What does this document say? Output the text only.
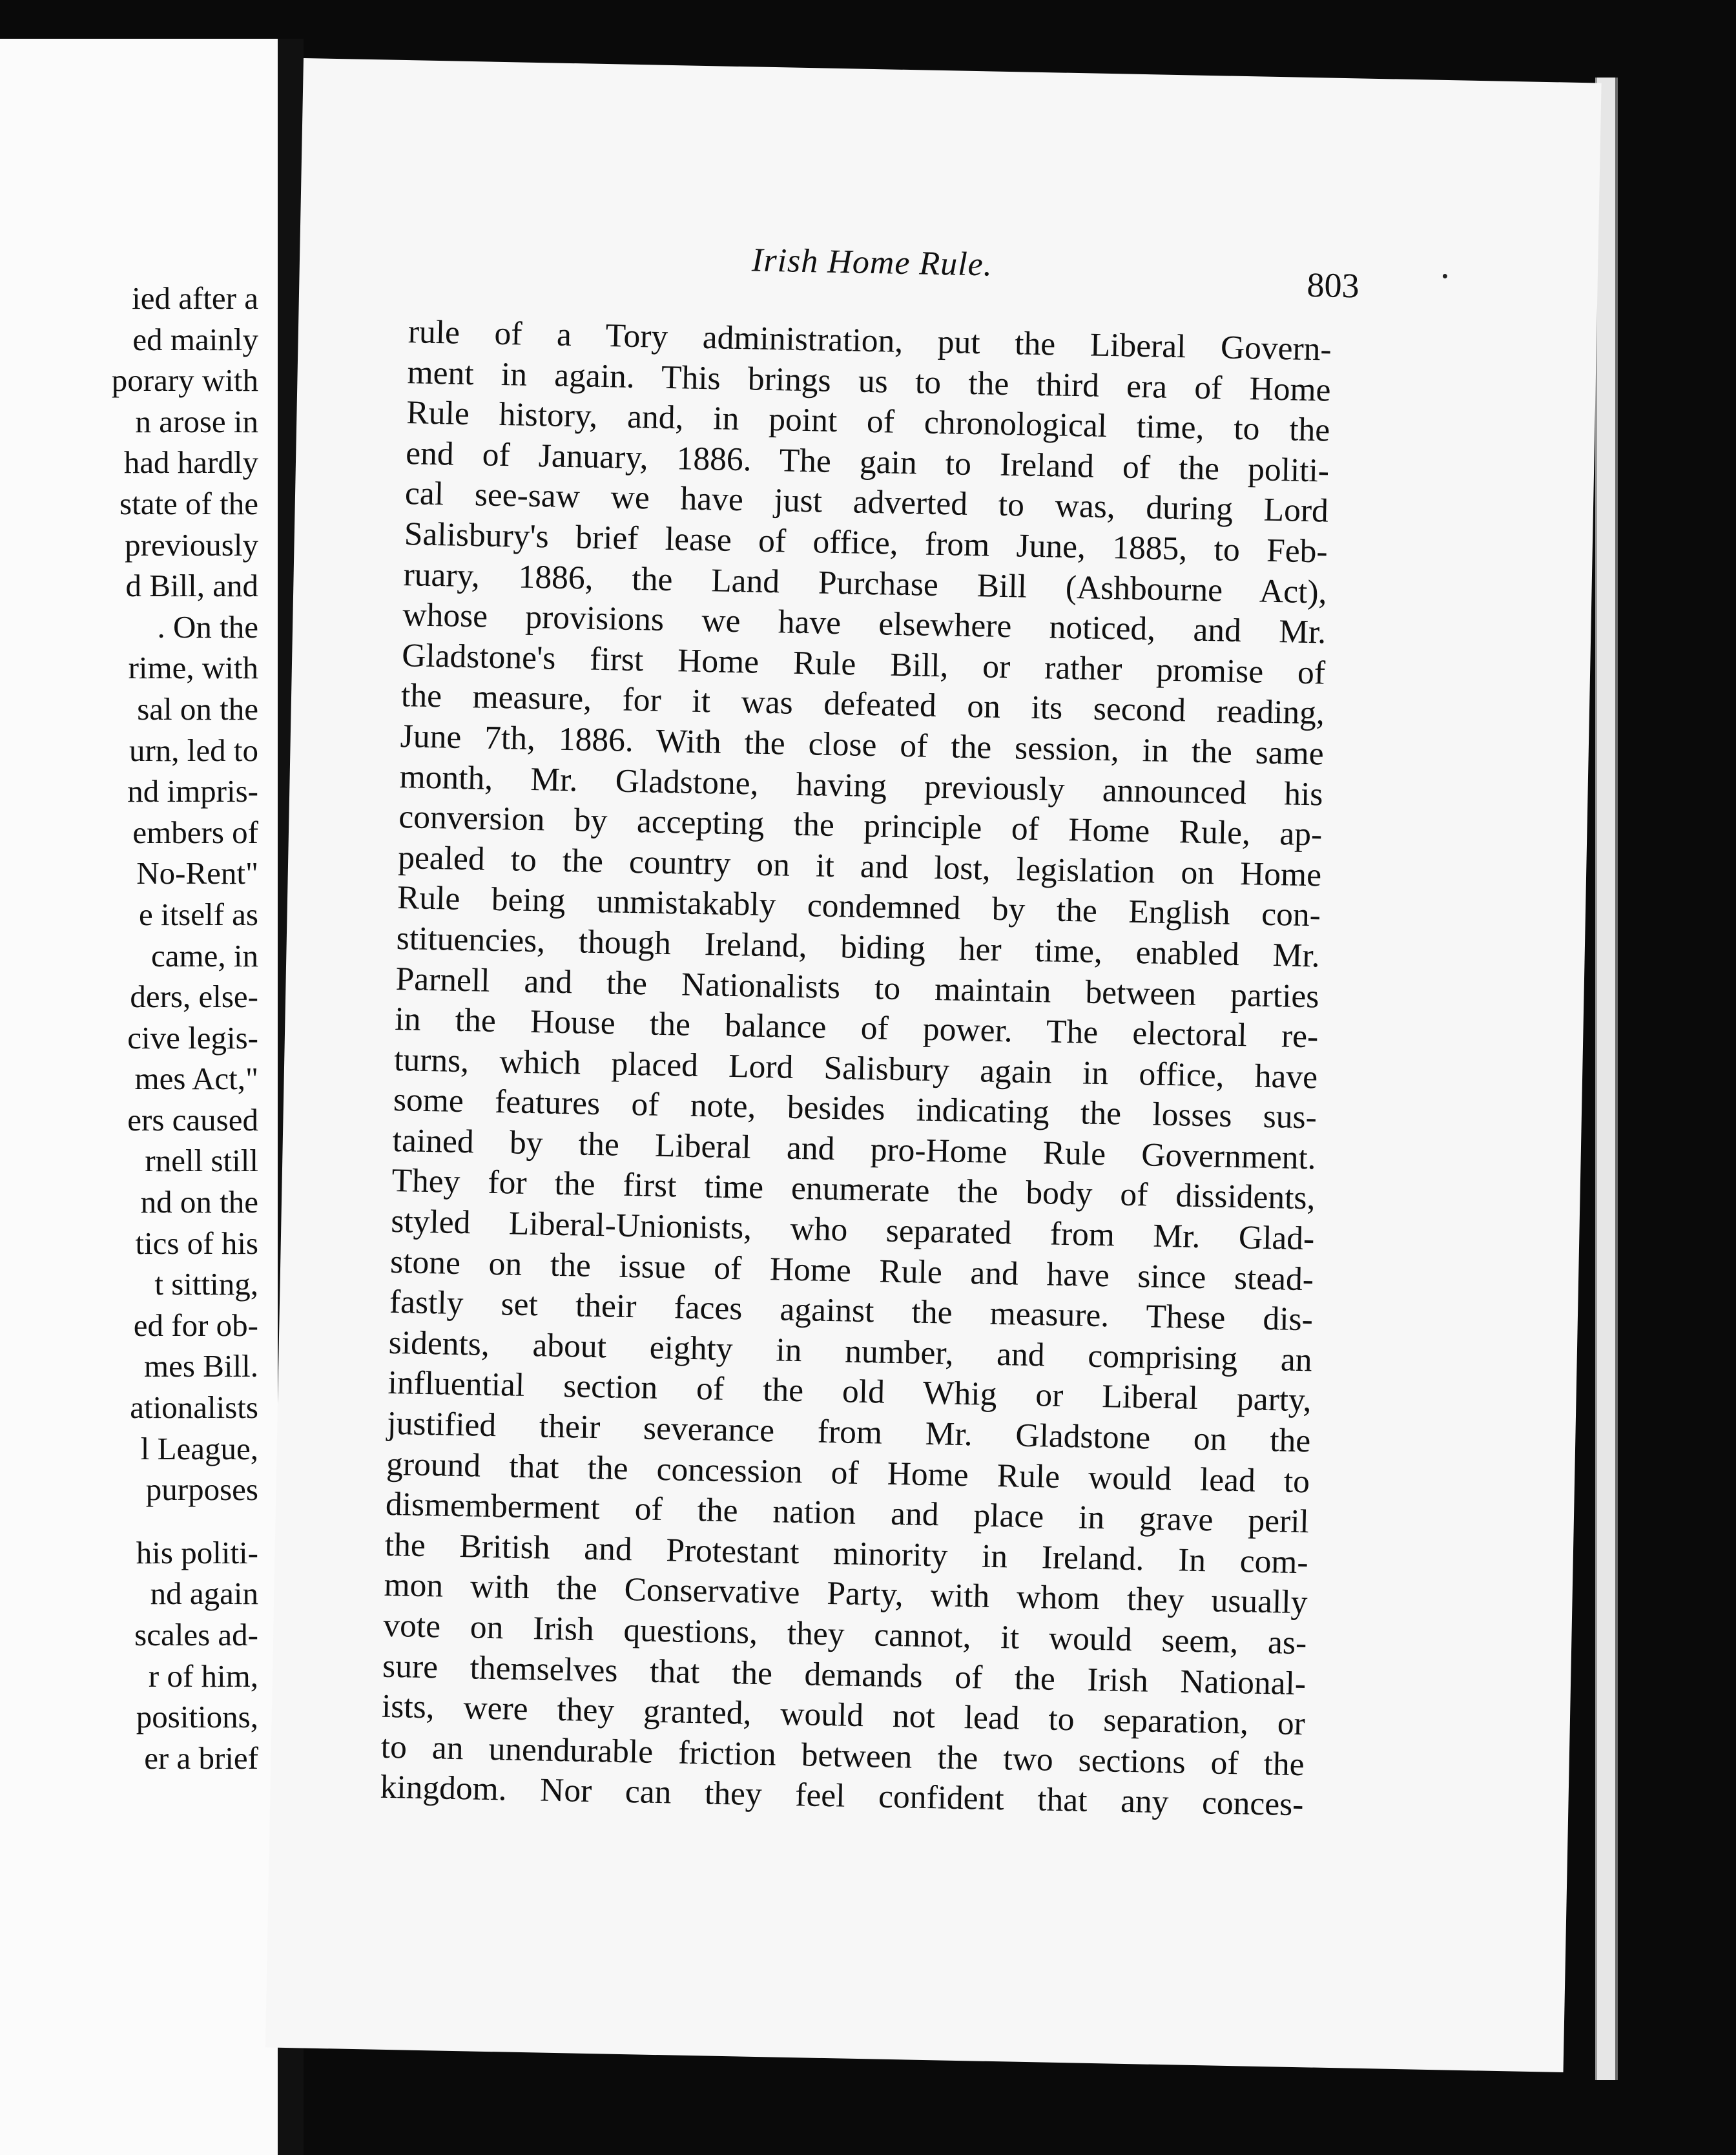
ied after a
ed mainly
porary with
n arose in
had hardly
state of the
previously
d Bill, and
. On the
rime, with
sal on the
urn, led to
nd impris-
embers of
No-Rent"
e itself as
came, in
ders, else-
cive legis-
mes Act,"
ers caused
rnell still
nd on the
tics of his
t sitting,
ed for ob-
mes Bill.
ationalists
l League,
purposes
his politi-
nd again
scales ad-
r of him,
positions,
er a brief
Irish Home Rule.
803
rule of a Tory administration, put the Liberal Govern-
ment in again. This brings us to the third era of Home
Rule history, and, in point of chronological time, to the
end of January, 1886. The gain to Ireland of the politi-
cal see-saw we have just adverted to was, during Lord
Salisbury's brief lease of office, from June, 1885, to Feb-
ruary, 1886, the Land Purchase Bill (Ashbourne Act),
whose provisions we have elsewhere noticed, and Mr.
Gladstone's first Home Rule Bill, or rather promise of
the measure, for it was defeated on its second reading,
June 7th, 1886. With the close of the session, in the same
month, Mr. Gladstone, having previously announced his
conversion by accepting the principle of Home Rule, ap-
pealed to the country on it and lost, legislation on Home
Rule being unmistakably condemned by the English con-
stituencies, though Ireland, biding her time, enabled Mr.
Parnell and the Nationalists to maintain between parties
in the House the balance of power. The electoral re-
turns, which placed Lord Salisbury again in office, have
some features of note, besides indicating the losses sus-
tained by the Liberal and pro-Home Rule Government.
They for the first time enumerate the body of dissidents,
styled Liberal-Unionists, who separated from Mr. Glad-
stone on the issue of Home Rule and have since stead-
fastly set their faces against the measure. These dis-
sidents, about eighty in number, and comprising an
influential section of the old Whig or Liberal party,
justified their severance from Mr. Gladstone on the
ground that the concession of Home Rule would lead to
dismemberment of the nation and place in grave peril
the British and Protestant minority in Ireland. In com-
mon with the Conservative Party, with whom they usually
vote on Irish questions, they cannot, it would seem, as-
sure themselves that the demands of the Irish National-
ists, were they granted, would not lead to separation, or
to an unendurable friction between the two sections of the
kingdom. Nor can they feel confident that any conces-
